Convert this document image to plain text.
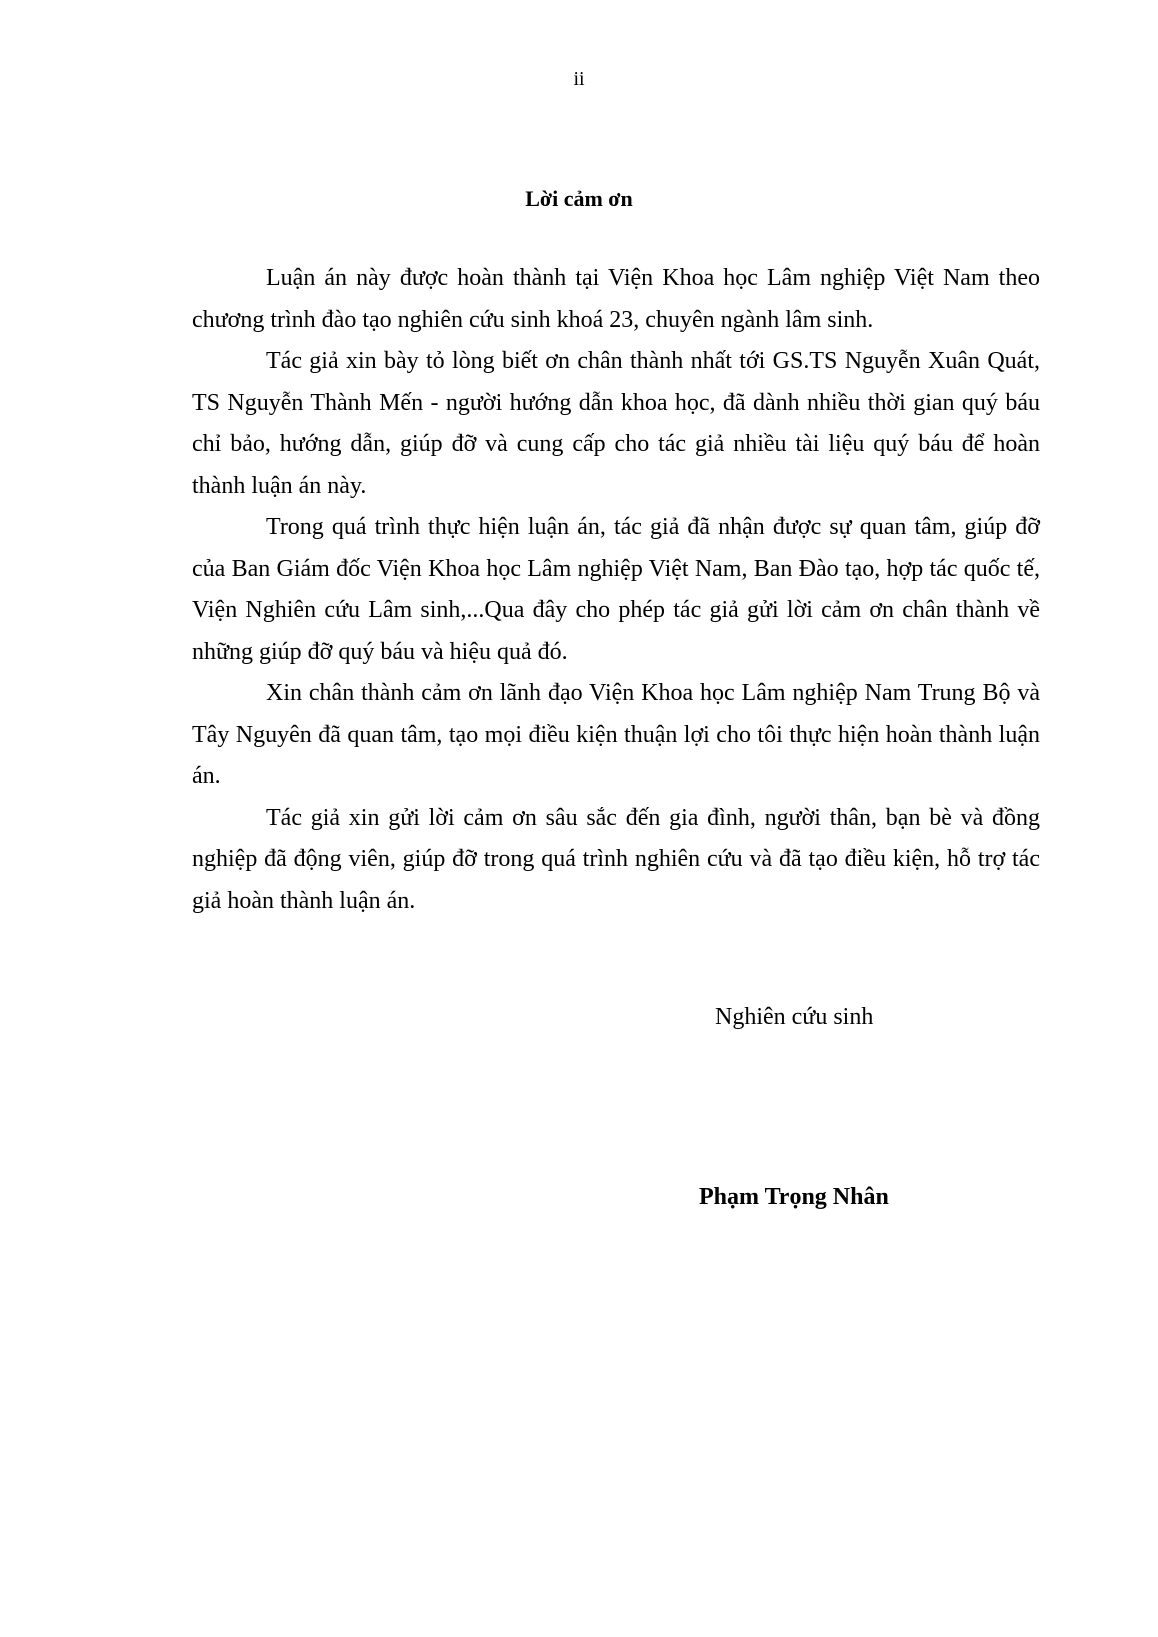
ii
Lời cảm ơn

Luận án này được hoàn thành tại Viện Khoa học Lâm nghiệp Việt Nam theo chương trình đào tạo nghiên cứu sinh khoá 23, chuyên ngành lâm sinh.

Tác giả xin bày tỏ lòng biết ơn chân thành nhất tới GS.TS Nguyễn Xuân Quát, TS Nguyễn Thành Mến - người hướng dẫn khoa học, đã dành nhiều thời gian quý báu chỉ bảo, hướng dẫn, giúp đỡ và cung cấp cho tác giả nhiều tài liệu quý báu để hoàn thành luận án này.

Trong quá trình thực hiện luận án, tác giả đã nhận được sự quan tâm, giúp đỡ của Ban Giám đốc Viện Khoa học Lâm nghiệp Việt Nam, Ban Đào tạo, hợp tác quốc tế, Viện Nghiên cứu Lâm sinh,...Qua đây cho phép tác giả gửi lời cảm ơn chân thành về những giúp đỡ quý báu và hiệu quả đó.

Xin chân thành cảm ơn lãnh đạo Viện Khoa học Lâm nghiệp Nam Trung Bộ và Tây Nguyên đã quan tâm, tạo mọi điều kiện thuận lợi cho tôi thực hiện hoàn thành luận án.

Tác giả xin gửi lời cảm ơn sâu sắc đến gia đình, người thân, bạn bè và đồng nghiệp đã động viên, giúp đỡ trong quá trình nghiên cứu và đã tạo điều kiện, hỗ trợ tác giả hoàn thành luận án.

Nghiên cứu sinh
Phạm Trọng Nhân
